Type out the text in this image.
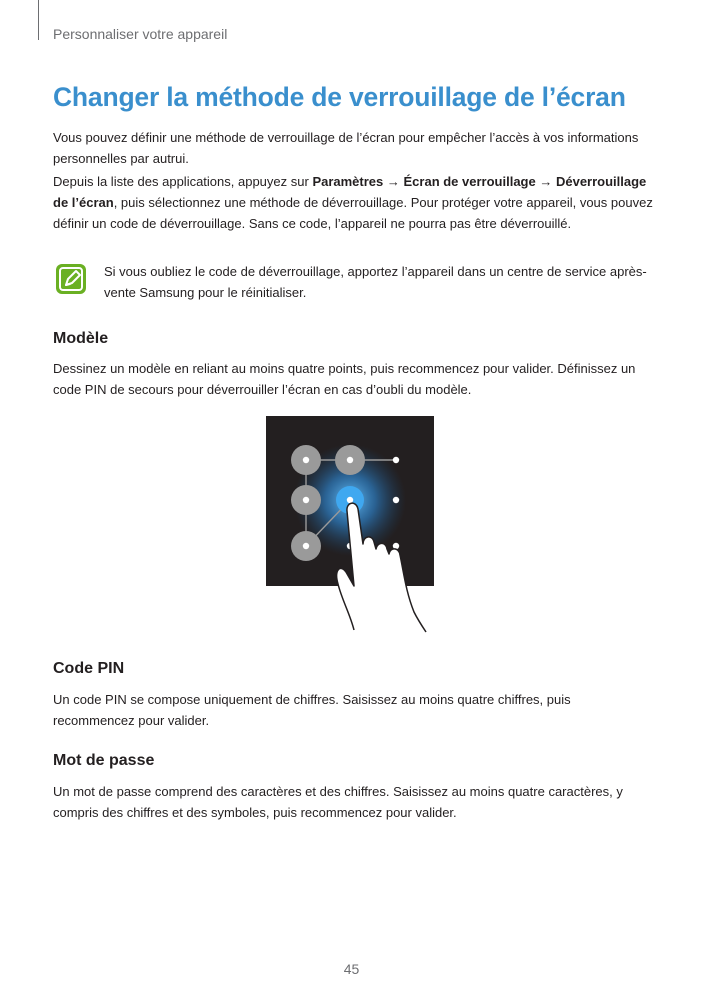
Personnaliser votre appareil
Changer la méthode de verrouillage de l’écran

Vous pouvez définir une méthode de verrouillage de l’écran pour empêcher l’accès à vos informations personnelles par autrui.

Depuis la liste des applications, appuyez sur Paramètres → Écran de verrouillage → Déverrouillage de l’écran, puis sélectionnez une méthode de déverrouillage. Pour protéger votre appareil, vous pouvez définir un code de déverrouillage. Sans ce code, l’appareil ne pourra pas être déverrouillé.

Si vous oubliez le code de déverrouillage, apportez l’appareil dans un centre de service après-vente Samsung pour le réinitialiser.

Modèle

Dessinez un modèle en reliant au moins quatre points, puis recommencez pour valider. Définissez un code PIN de secours pour déverrouiller l’écran en cas d’oubli du modèle.

Code PIN

Un code PIN se compose uniquement de chiffres. Saisissez au moins quatre chiffres, puis recommencez pour valider.

Mot de passe

Un mot de passe comprend des caractères et des chiffres. Saisissez au moins quatre caractères, y compris des chiffres et des symboles, puis recommencez pour valider.

45
